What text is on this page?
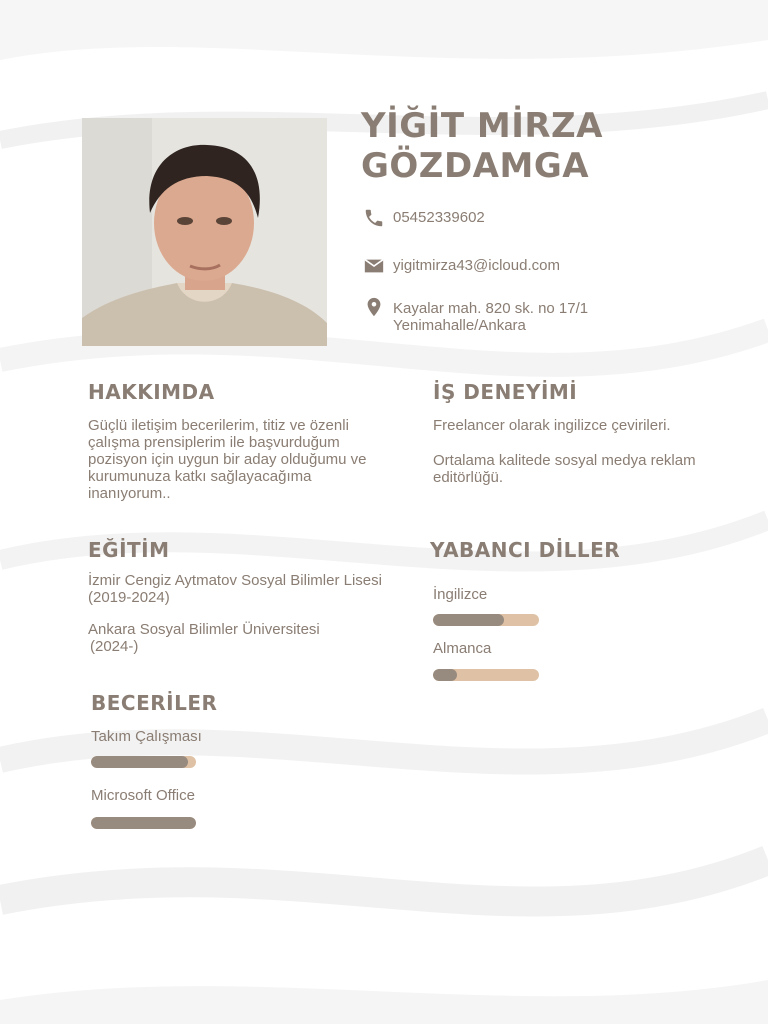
YİĞİT MİRZA
GÖZDAMGA
05452339602
yigitmirza43@icloud.com
Kayalar mah. 820 sk. no 17/1
Yenimahalle/Ankara
HAKKIMDA
Güçlü iletişim becerilerim, titiz ve özenli
çalışma prensiplerim ile başvurduğum
pozisyon için uygun bir aday olduğumu ve
kurumunuza katkı sağlayacağıma
inanıyorum..
İŞ DENEYİMİ
Freelancer olarak ingilizce çevirileri.
Ortalama kalitede sosyal medya reklam
editörlüğü.
EĞİTİM
İzmir Cengiz Aytmatov Sosyal Bilimler Lisesi
(2019-2024)
Ankara Sosyal Bilimler Üniversitesi
(2024-)
YABANCI DİLLER
İngilizce
Almanca
BECERİLER
Takım Çalışması
Microsoft Office
